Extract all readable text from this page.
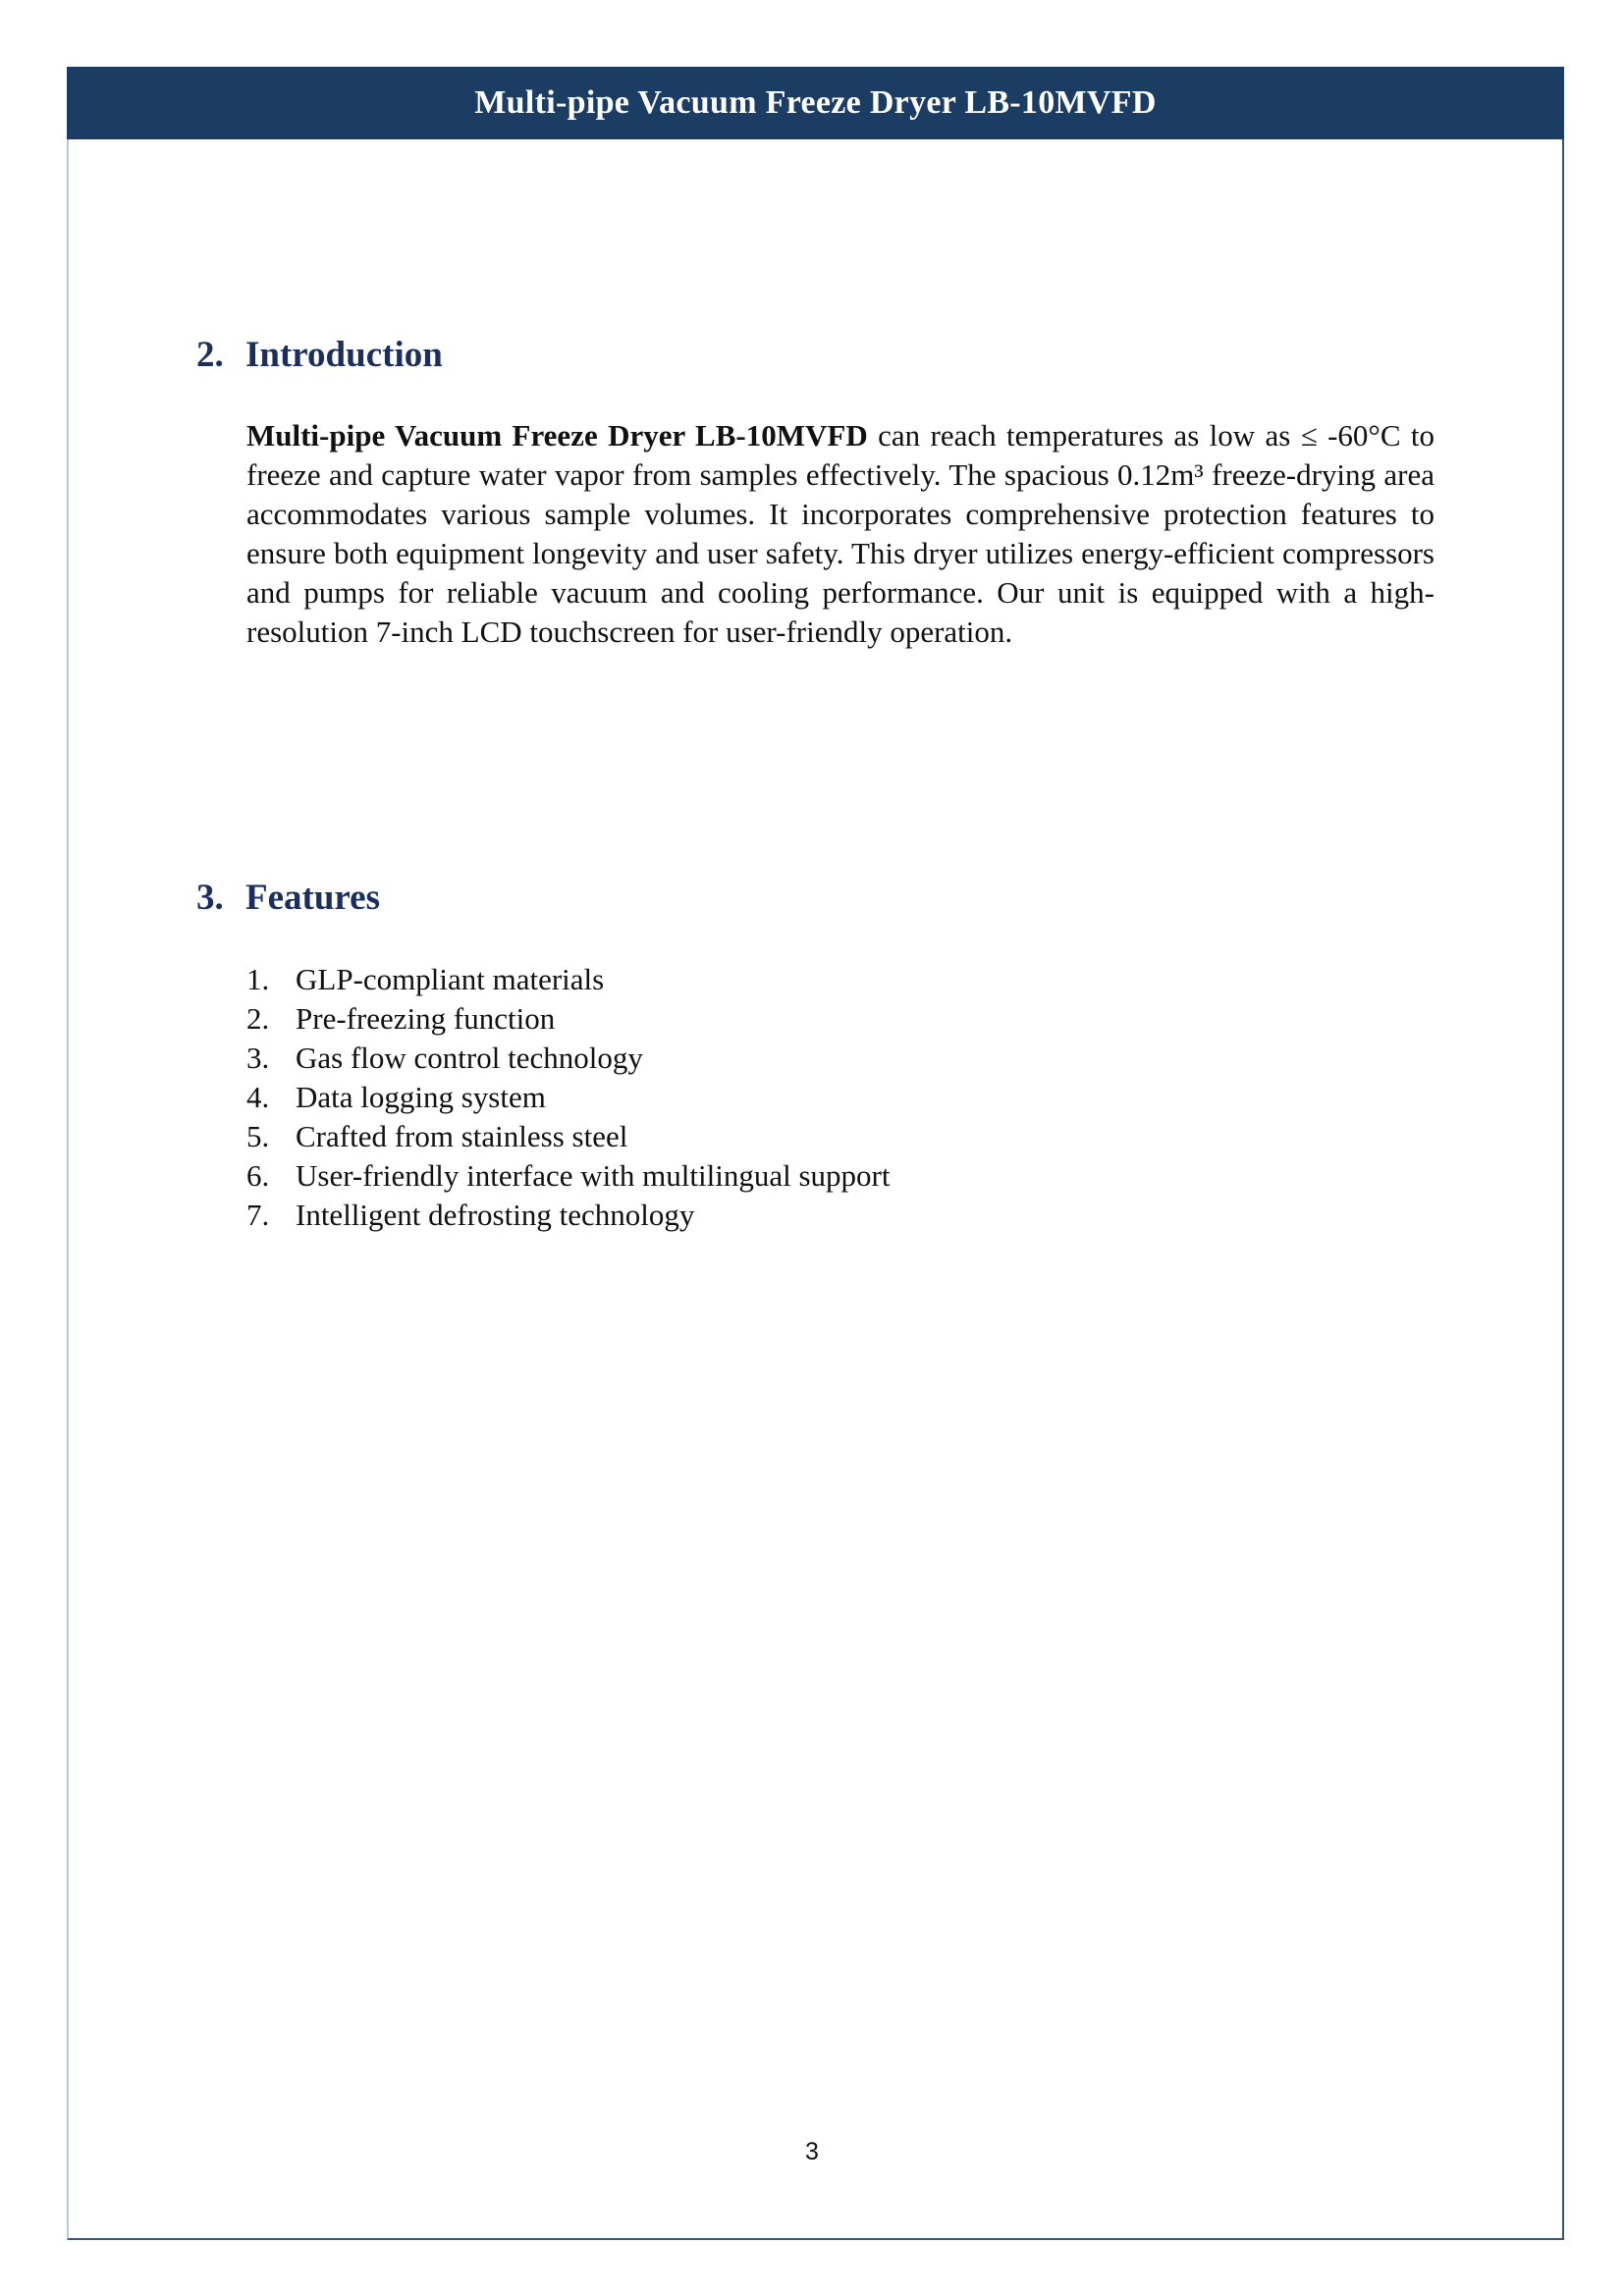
Multi-pipe Vacuum Freeze Dryer LB-10MVFD
2. Introduction

Multi-pipe Vacuum Freeze Dryer LB-10MVFD can reach temperatures as low as ≤ -60°C to freeze and capture water vapor from samples effectively. The spacious 0.12m³ freeze-drying area accommodates various sample volumes. It incorporates comprehensive protection features to ensure both equipment longevity and user safety. This dryer utilizes energy-efficient compressors and pumps for reliable vacuum and cooling performance. Our unit is equipped with a high-resolution 7-inch LCD touchscreen for user-friendly operation.

3. Features
1. GLP-compliant materials
2. Pre-freezing function
3. Gas flow control technology
4. Data logging system
5. Crafted from stainless steel
6. User-friendly interface with multilingual support
7. Intelligent defrosting technology
3
